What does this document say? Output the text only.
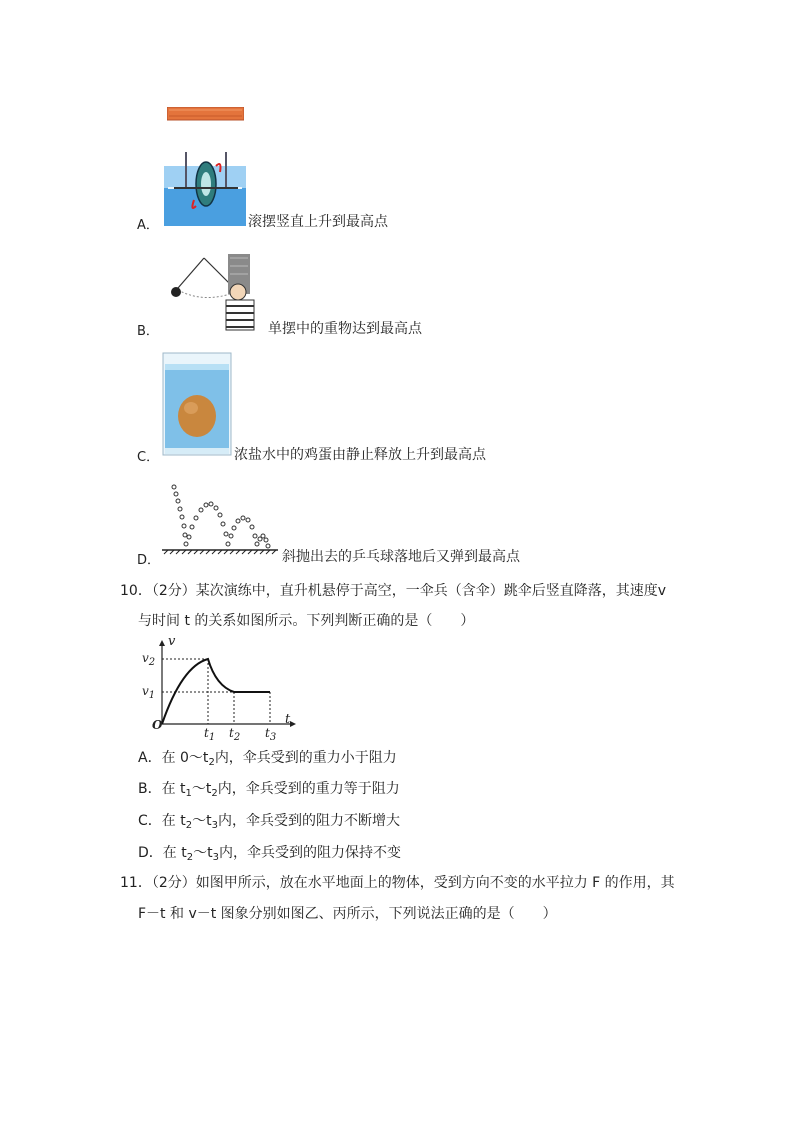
A．	滚摆竖直上升到最高点
B．	单摆中的重物达到最高点
C．	浓盐水中的鸡蛋由静止释放上升到最高点
D．	斜抛出去的乒乓球落地后又弹到最高点
10．（2分）某次演练中，直升机悬停于高空，一伞兵（含伞）跳伞后竖直降落，其速度v
与时间 t 的关系如图所示。下列判断正确的是（　　）
v
t
O
$v_2$
$v_1$
$t_1$ $t_2$ $t_3$
A．在 $0\sim t_2$内，伞兵受到的重力小于阻力
B．在 $t_1\sim t_2$内，伞兵受到的重力等于阻力
C．在 $t_2\sim t_3$内，伞兵受到的阻力不断增大
D．在 $t_2\sim t_3$内，伞兵受到的阻力保持不变
11．（2分）如图甲所示，放在水平地面上的物体，受到方向不变的水平拉力 F 的作用，其
F－t 和 v－t 图象分别如图乙、丙所示，下列说法正确的是（　　）
